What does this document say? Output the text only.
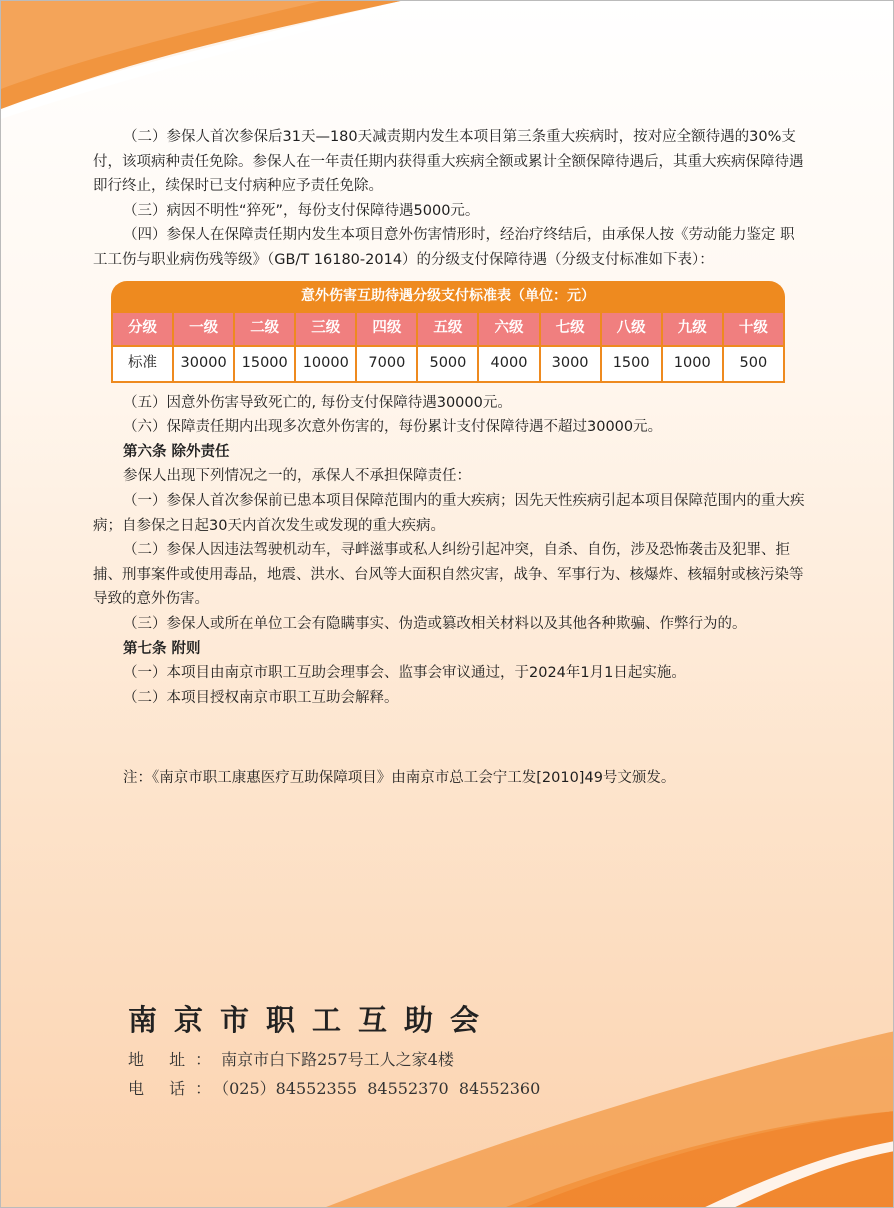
（二）参保人首次参保后31天—180天减责期内发生本项目第三条重大疾病时，按对应全额待遇的30%支付，该项病种责任免除。参保人在一年责任期内获得重大疾病全额或累计全额保障待遇后，其重大疾病保障待遇即行终止，续保时已支付病种应予责任免除。

（三）病因不明性“猝死”，每份支付保障待遇5000元。

（四）参保人在保障责任期内发生本项目意外伤害情形时，经治疗终结后，由承保人按《劳动能力鉴定 职工工伤与职业病伤残等级》（GB/T 16180-2014）的分级支付保障待遇（分级支付标准如下表）：

意外伤害互助待遇分级支付标准表（单位：元）
分级	一级	二级	三级	四级	五级	六级	七级	八级	九级	十级
标准	30000	15000	10000	7000	5000	4000	3000	1500	1000	500

（五）因意外伤害导致死亡的, 每份支付保障待遇30000元。

（六）保障责任期内出现多次意外伤害的，每份累计支付保障待遇不超过30000元。

第六条 除外责任

参保人出现下列情况之一的，承保人不承担保障责任：

（一）参保人首次参保前已患本项目保障范围内的重大疾病；因先天性疾病引起本项目保障范围内的重大疾病；自参保之日起30天内首次发生或发现的重大疾病。

（二）参保人因违法驾驶机动车，寻衅滋事或私人纠纷引起冲突，自杀、自伤，涉及恐怖袭击及犯罪、拒捕、刑事案件或使用毒品，地震、洪水、台风等大面积自然灾害，战争、军事行为、核爆炸、核辐射或核污染等导致的意外伤害。

（三）参保人或所在单位工会有隐瞒事实、伪造或篡改相关材料以及其他各种欺骗、作弊行为的。

第七条 附则

（一）本项目由南京市职工互助会理事会、监事会审议通过，于2024年1月1日起实施。

（二）本项目授权南京市职工互助会解释。

注：《南京市职工康惠医疗互助保障项目》由南京市总工会宁工发[2010]49号文颁发。
南京市职工互助会
地 址：南京市白下路257号工人之家4楼
电 话：（025）84552355  84552370  84552360
